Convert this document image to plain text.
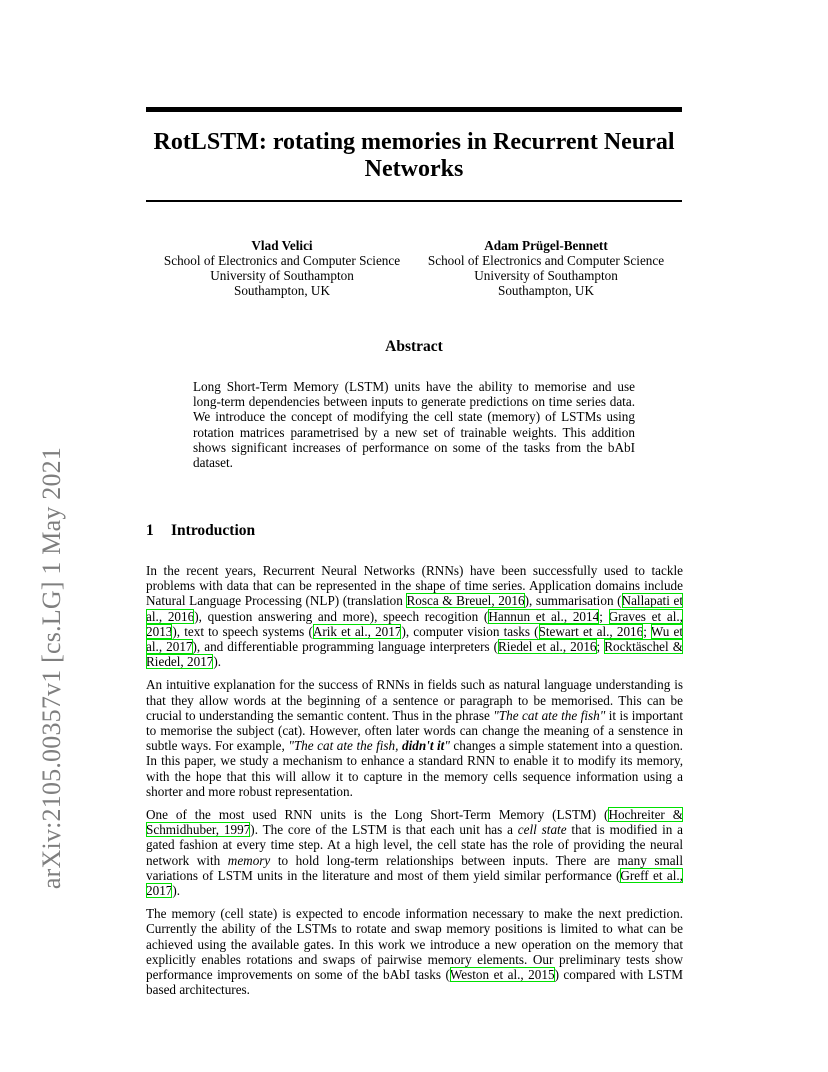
arXiv:2105.00357v1 [cs.LG] 1 May 2021
RotLSTM: rotating memories in Recurrent Neural Networks
Vlad Velici
School of Electronics and Computer Science
University of Southampton
Southampton, UK
Adam Prügel-Bennett
School of Electronics and Computer Science
University of Southampton
Southampton, UK
Abstract
Long Short-Term Memory (LSTM) units have the ability to memorise and use long-term dependencies between inputs to generate predictions on time series data. We introduce the concept of modifying the cell state (memory) of LSTMs using rotation matrices parametrised by a new set of trainable weights. This addition shows significant increases of performance on some of the tasks from the bAbI dataset.
1 Introduction

In the recent years, Recurrent Neural Networks (RNNs) have been successfully used to tackle problems with data that can be represented in the shape of time series. Application domains include Natural Language Processing (NLP) (translation Rosca & Breuel, 2016), summarisation (Nallapati et al., 2016), question answering and more), speech recogition (Hannun et al., 2014; Graves et al., 2013), text to speech systems (Arik et al., 2017), computer vision tasks (Stewart et al., 2016; Wu et al., 2017), and differentiable programming language interpreters (Riedel et al., 2016; Rocktäschel & Riedel, 2017).

An intuitive explanation for the success of RNNs in fields such as natural language understanding is that they allow words at the beginning of a sentence or paragraph to be memorised. This can be crucial to understanding the semantic content. Thus in the phrase "The cat ate the fish" it is important to memorise the subject (cat). However, often later words can change the meaning of a senstence in subtle ways. For example, "The cat ate the fish, didn't it" changes a simple statement into a question. In this paper, we study a mechanism to enhance a standard RNN to enable it to modify its memory, with the hope that this will allow it to capture in the memory cells sequence information using a shorter and more robust representation.

One of the most used RNN units is the Long Short-Term Memory (LSTM) (Hochreiter & Schmidhuber, 1997). The core of the LSTM is that each unit has a cell state that is modified in a gated fashion at every time step. At a high level, the cell state has the role of providing the neural network with memory to hold long-term relationships between inputs. There are many small variations of LSTM units in the literature and most of them yield similar performance (Greff et al., 2017).

The memory (cell state) is expected to encode information necessary to make the next prediction. Currently the ability of the LSTMs to rotate and swap memory positions is limited to what can be achieved using the available gates. In this work we introduce a new operation on the memory that explicitly enables rotations and swaps of pairwise memory elements. Our preliminary tests show performance improvements on some of the bAbI tasks (Weston et al., 2015) compared with LSTM based architectures.
